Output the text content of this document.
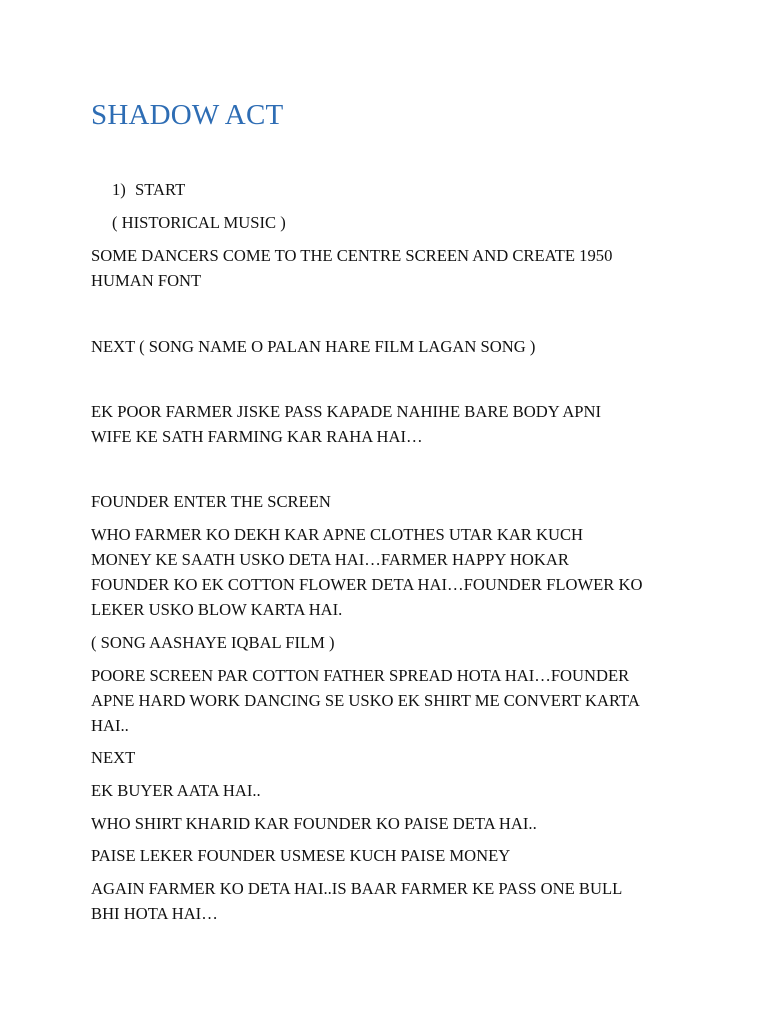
SHADOW ACT
1) START
( HISTORICAL MUSIC )
SOME DANCERS COME TO THE CENTRE SCREEN AND CREATE 1950
HUMAN FONT
NEXT ( SONG NAME O PALAN HARE FILM LAGAN SONG )
EK POOR FARMER JISKE PASS KAPADE NAHIHE BARE BODY APNI
WIFE KE SATH FARMING KAR RAHA HAI…
FOUNDER ENTER THE SCREEN
WHO FARMER KO DEKH KAR APNE CLOTHES UTAR KAR KUCH
MONEY KE SAATH USKO DETA HAI…FARMER HAPPY HOKAR
FOUNDER KO EK COTTON FLOWER DETA HAI…FOUNDER FLOWER KO
LEKER USKO BLOW KARTA HAI.
( SONG AASHAYE IQBAL FILM )
POORE SCREEN PAR COTTON FATHER SPREAD HOTA HAI…FOUNDER
APNE HARD WORK DANCING SE USKO EK SHIRT ME CONVERT KARTA
HAI..
NEXT
EK BUYER AATA HAI..
WHO SHIRT KHARID KAR FOUNDER KO PAISE DETA HAI..
PAISE LEKER FOUNDER USMESE KUCH PAISE MONEY
AGAIN FARMER KO DETA HAI..IS BAAR FARMER KE PASS ONE BULL
BHI HOTA HAI…
